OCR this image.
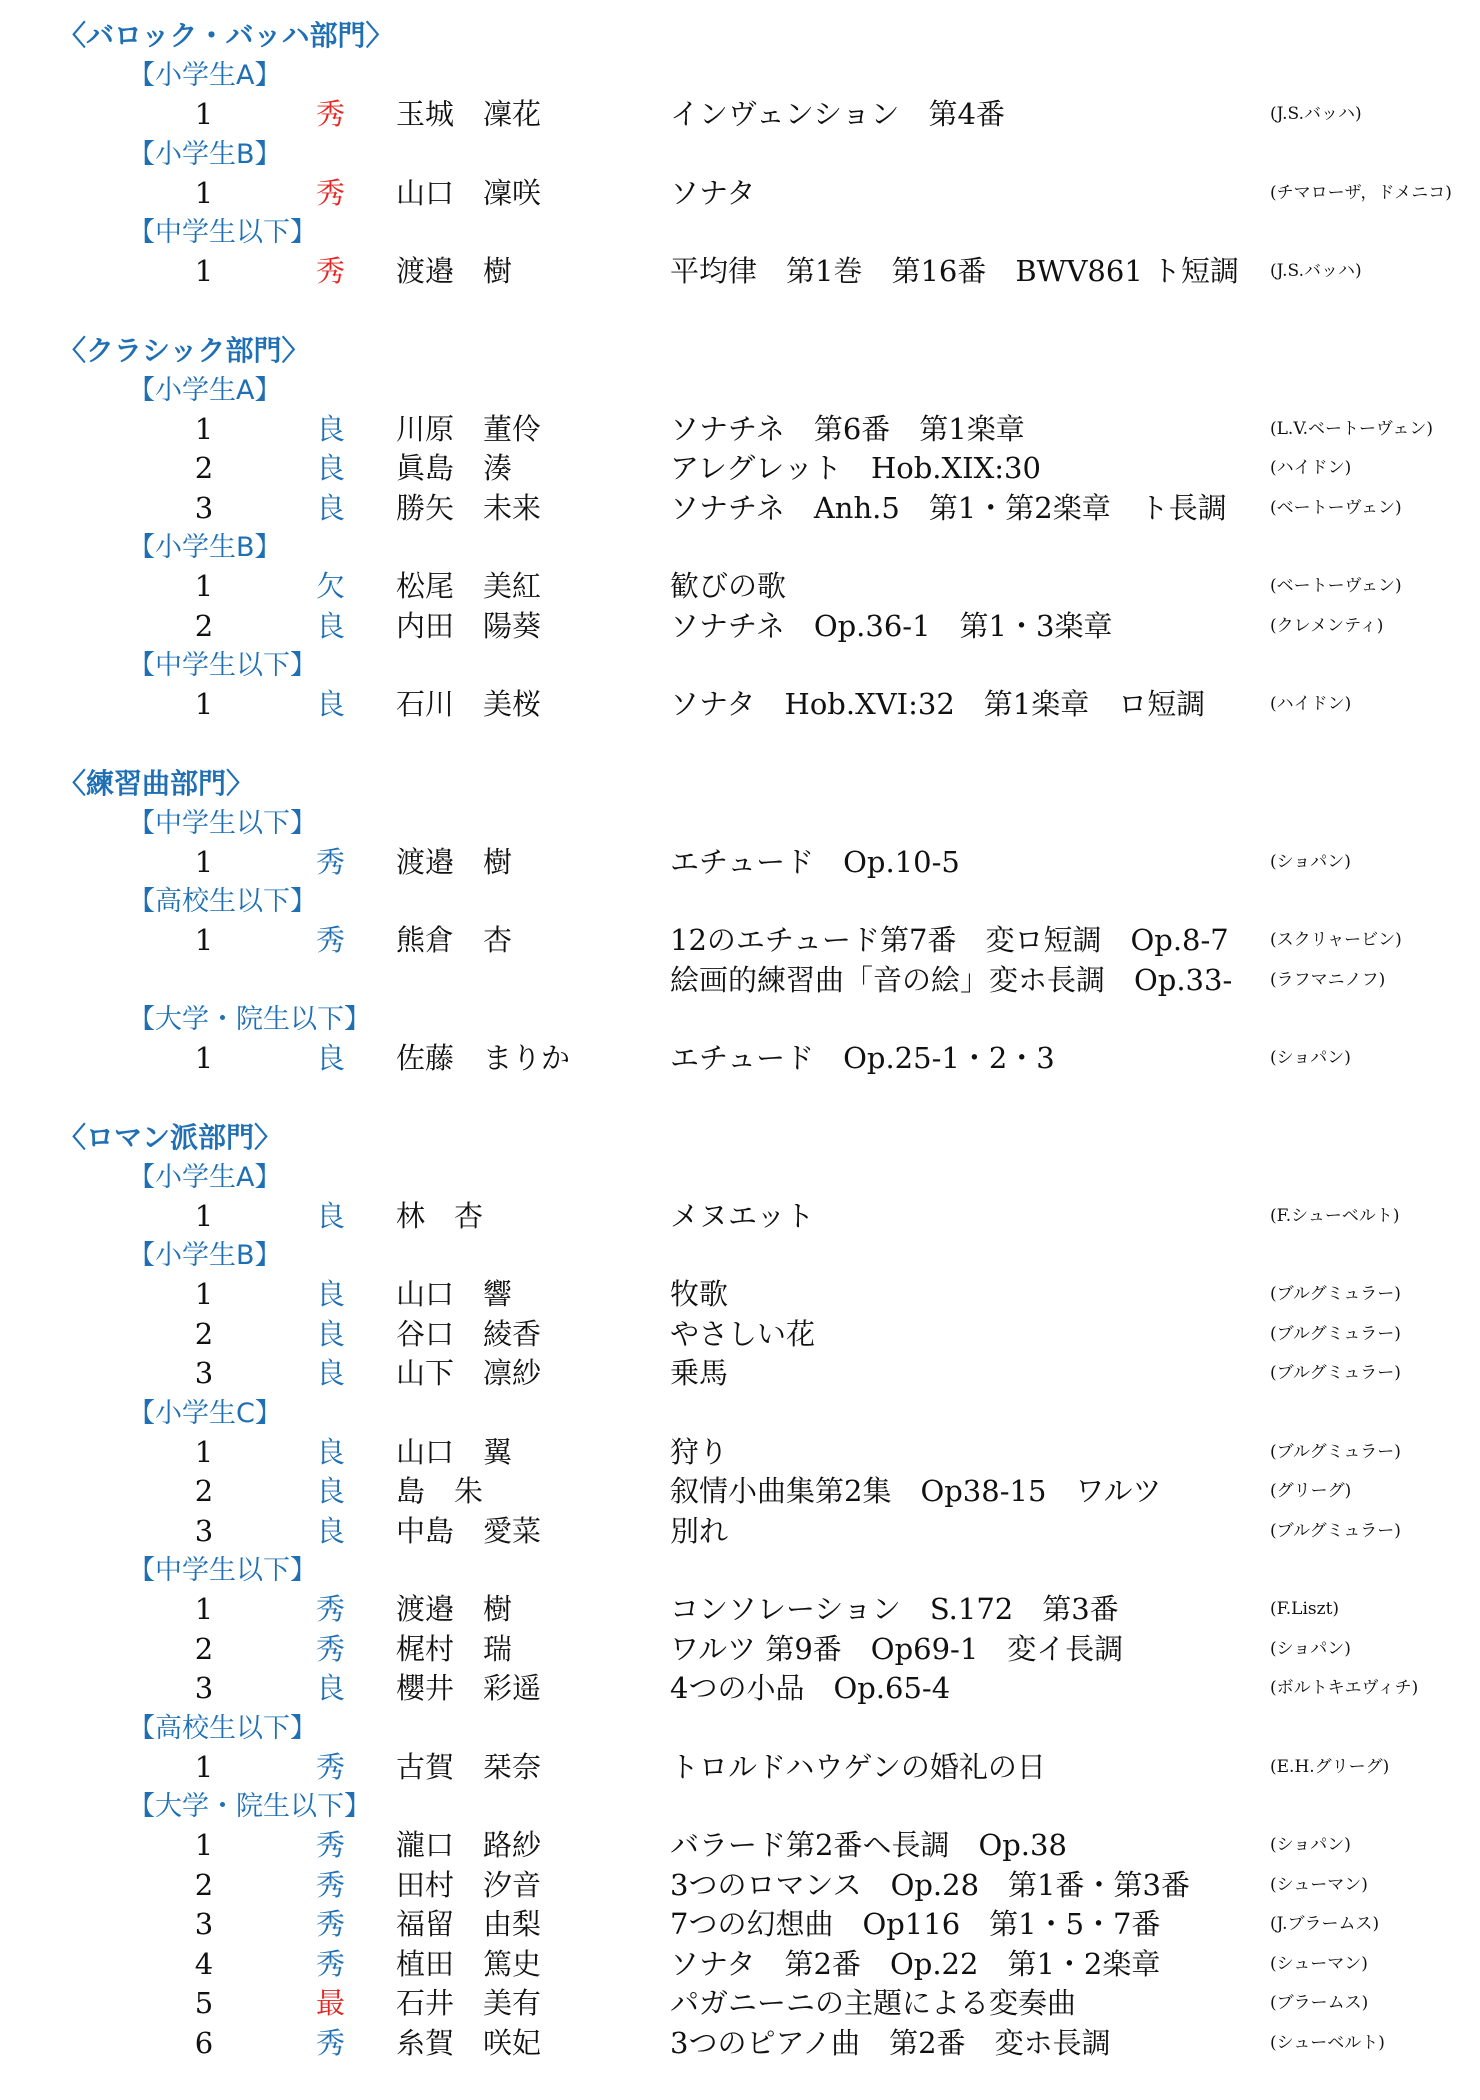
〈バロック・バッハ部門〉
【小学生A】
1	秀 玉城　凜花	インヴェンション　第4番	(J.S.バッハ)
【小学生B】
1	秀 山口　凜咲	ソナタ	(チマローザ，ドメニコ)
【中学生以下】
1	秀 渡邉　樹	平均律　第1巻　第16番　BWV861 ト短調	(J.S.バッハ)
〈クラシック部門〉
【小学生A】
1	良 川原　董伶	ソナチネ　第6番　第1楽章	(L.V.ベートーヴェン)
2	良 眞島　湊	アレグレット　Hob.XIX:30	(ハイドン)
3	良 勝矢　未来	ソナチネ　Anh.5　第1・第2楽章　ト長調	(ベートーヴェン)
【小学生B】
1	欠 松尾　美紅	歓びの歌	(ベートーヴェン)
2	良 内田　陽葵	ソナチネ　Op.36-1　第1・3楽章	(クレメンティ)
【中学生以下】
1	良 石川　美桜	ソナタ　Hob.XVI:32　第1楽章　ロ短調	(ハイドン)
〈練習曲部門〉
【中学生以下】
1	秀 渡邉　樹	エチュード　Op.10-5	(ショパン)
【高校生以下】
1	秀 熊倉　杏	12のエチュード第7番　変ロ短調　Op.8-7	(スクリャービン)
絵画的練習曲「音の絵」変ホ長調　Op.33-	(ラフマニノフ)
【大学・院生以下】
1	良 佐藤　まりか	エチュード　Op.25-1・2・3	(ショパン)
〈ロマン派部門〉
【小学生A】
1	良 林　杏	メヌエット	(F.シューベルト)
【小学生B】
1	良 山口　響	牧歌	(ブルグミュラー)
2	良 谷口　綾香	やさしい花	(ブルグミュラー)
3	良 山下　凛紗	乗馬	(ブルグミュラー)
【小学生C】
1	良 山口　翼	狩り	(ブルグミュラー)
2	良 島　朱	叙情小曲集第2集　Op38-15　ワルツ	(グリーグ)
3	良 中島　愛菜	別れ	(ブルグミュラー)
【中学生以下】
1	秀 渡邉　樹	コンソレーション　S.172　第3番	(F.Liszt)
2	秀 梶村　瑞	ワルツ 第9番　Op69-1　変イ長調	(ショパン)
3	良 櫻井　彩遥	4つの小品　Op.65-4	(ボルトキエヴィチ)
【高校生以下】
1	秀 古賀　栞奈	トロルドハウゲンの婚礼の日	(E.H.グリーグ)
【大学・院生以下】
1	秀 瀧口　路紗	バラード第2番ヘ長調　Op.38	(ショパン)
2	秀 田村　汐音	3つのロマンス　Op.28　第1番・第3番	(シューマン)
3	秀 福留　由梨	7つの幻想曲　Op116　第1・5・7番	(J.ブラームス)
4	秀 植田　篤史	ソナタ　第2番　Op.22　第1・2楽章	(シューマン)
5	最 石井　美有	パガニーニの主題による変奏曲	(ブラームス)
6	秀 糸賀　咲妃	3つのピアノ曲　第2番　変ホ長調	(シューベルト)
